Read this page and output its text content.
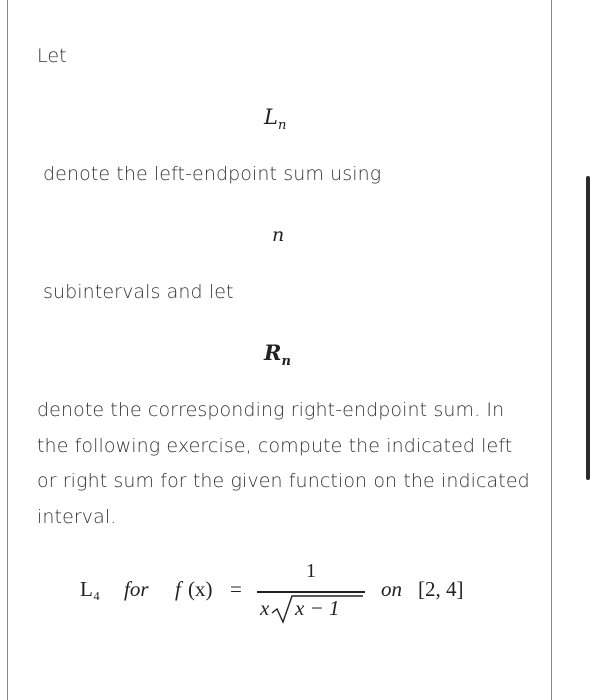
Let

$L_n$

denote the left-endpoint sum using

n

subintervals and let

$R_n$

denote the corresponding right-endpoint sum. In the following exercise, compute the indicated left or right sum for the given function on the indicated interval.

L₄ for f (x) =
1
x x − 1
on [2, 4]
